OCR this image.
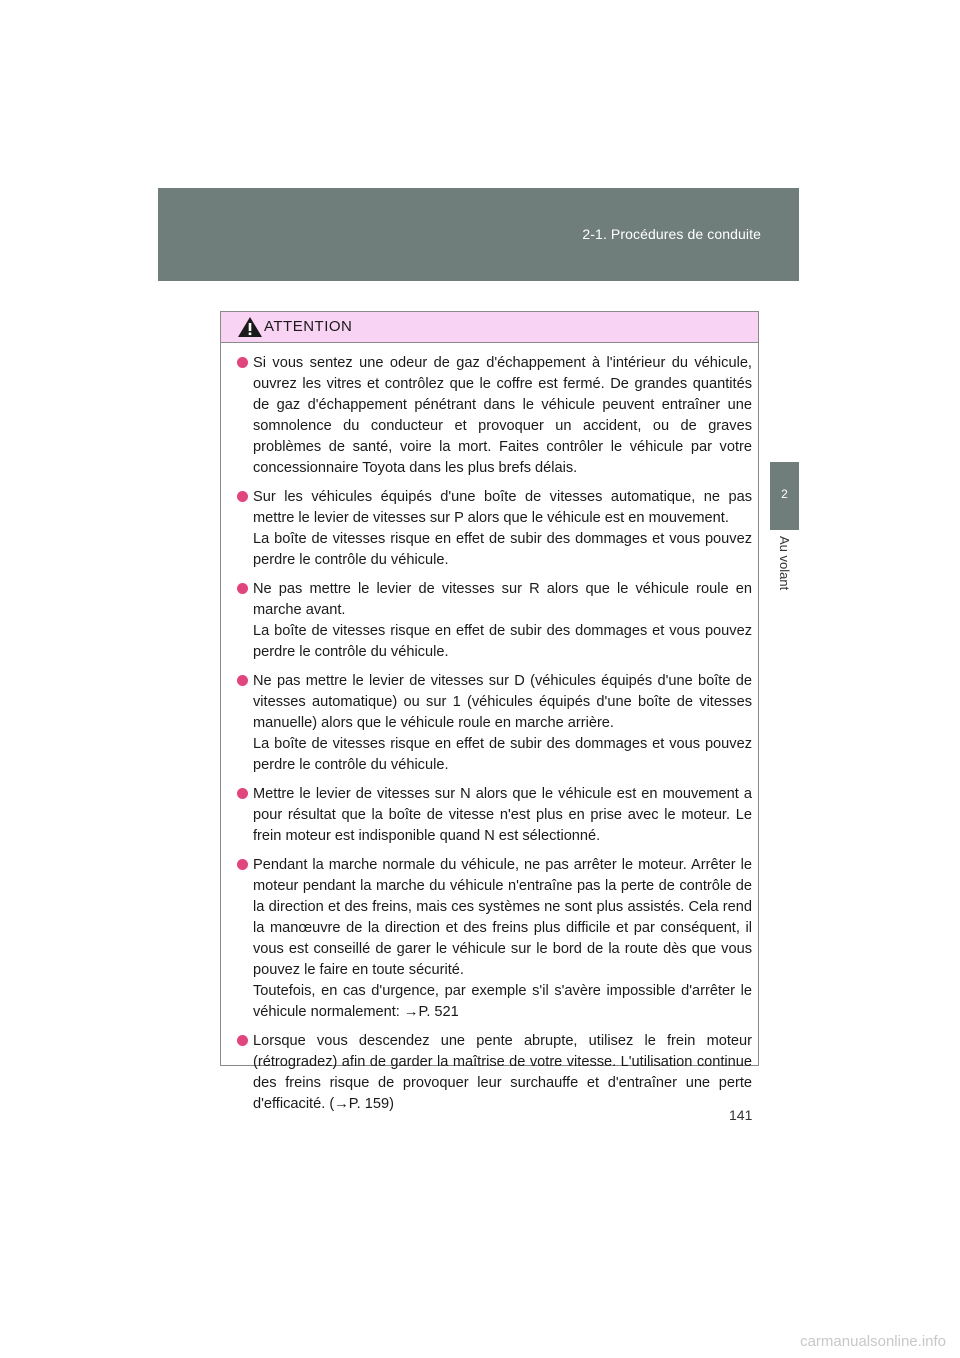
2-1. Procédures de conduite
2
Au volant
ATTENTION

Si vous sentez une odeur de gaz d'échappement à l'intérieur du véhicule, ouvrez les vitres et contrôlez que le coffre est fermé. De grandes quantités de gaz d'échappement pénétrant dans le véhicule peuvent entraîner une somnolence du conducteur et provoquer un accident, ou de graves problèmes de santé, voire la mort. Faites contrôler le véhicule par votre concessionnaire Toyota dans les plus brefs délais.

Sur les véhicules équipés d'une boîte de vitesses automatique, ne pas mettre le levier de vitesses sur P alors que le véhicule est en mouvement.

La boîte de vitesses risque en effet de subir des dommages et vous pouvez perdre le contrôle du véhicule.

Ne pas mettre le levier de vitesses sur R alors que le véhicule roule en marche avant.

La boîte de vitesses risque en effet de subir des dommages et vous pouvez perdre le contrôle du véhicule.

Ne pas mettre le levier de vitesses sur D (véhicules équipés d'une boîte de vitesses automatique) ou sur 1 (véhicules équipés d'une boîte de vitesses manuelle) alors que le véhicule roule en marche arrière.

La boîte de vitesses risque en effet de subir des dommages et vous pouvez perdre le contrôle du véhicule.

Mettre le levier de vitesses sur N alors que le véhicule est en mouvement a pour résultat que la boîte de vitesse n'est plus en prise avec le moteur. Le frein moteur est indisponible quand N est sélectionné.

Pendant la marche normale du véhicule, ne pas arrêter le moteur. Arrêter le moteur pendant la marche du véhicule n'entraîne pas la perte de contrôle de la direction et des freins, mais ces systèmes ne sont plus assistés. Cela rend la manœuvre de la direction et des freins plus difficile et par conséquent, il vous est conseillé de garer le véhicule sur le bord de la route dès que vous pouvez le faire en toute sécurité.

Toutefois, en cas d'urgence, par exemple s'il s'avère impossible d'arrêter le véhicule normalement: →P. 521

Lorsque vous descendez une pente abrupte, utilisez le frein moteur (rétrogradez) afin de garder la maîtrise de votre vitesse. L'utilisation continue des freins risque de provoquer leur surchauffe et d'entraîner une perte d'efficacité. (→P. 159)

141
carmanualsonline.info
